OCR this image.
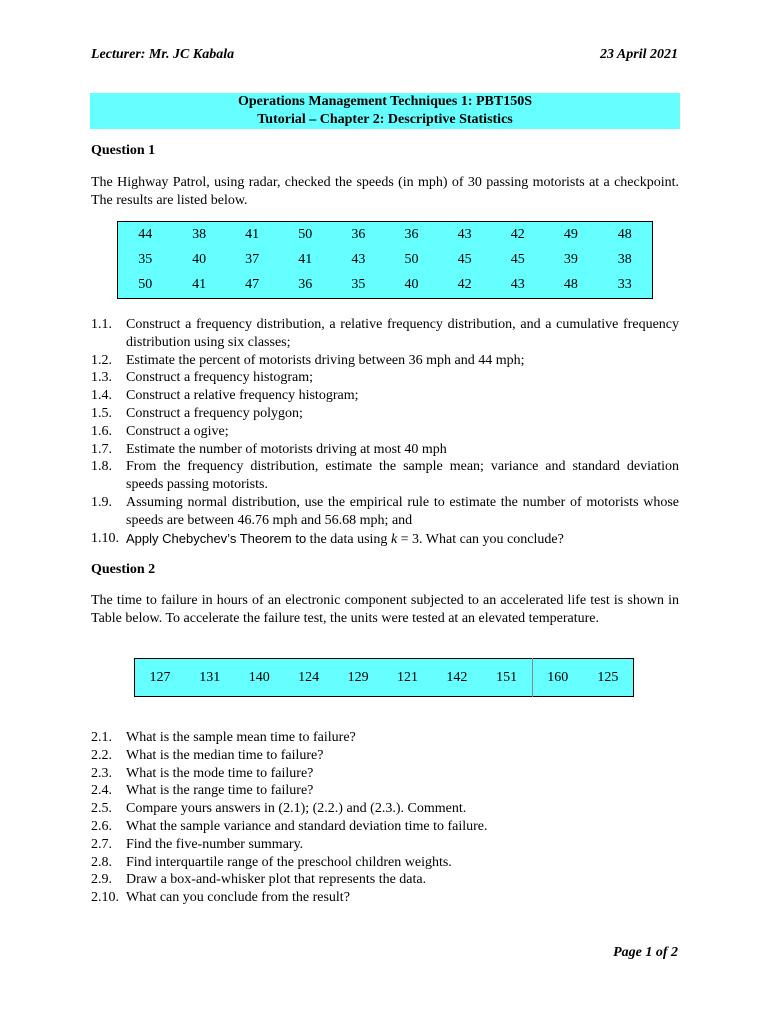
Lecturer: Mr. JC Kabala	23 April 2021
Operations Management Techniques 1: PBT150S
Tutorial – Chapter 2: Descriptive Statistics
Question 1
The Highway Patrol, using radar, checked the speeds (in mph) of 30 passing motorists at a checkpoint. The results are listed below.
44	38	41	50	36	36	43	42	49	48
35	40	37	41	43	50	45	45	39	38
50	41	47	36	35	40	42	43	48	33
1.1. Construct a frequency distribution, a relative frequency distribution, and a cumulative frequency distribution using six classes;
1.2. Estimate the percent of motorists driving between 36 mph and 44 mph;
1.3. Construct a frequency histogram;
1.4. Construct a relative frequency histogram;
1.5. Construct a frequency polygon;
1.6. Construct a ogive;
1.7. Estimate the number of motorists driving at most 40 mph
1.8. From the frequency distribution, estimate the sample mean; variance and standard deviation speeds passing motorists.
1.9. Assuming normal distribution, use the empirical rule to estimate the number of motorists whose speeds are between 46.76 mph and 56.68 mph; and
1.10. Apply Chebychev’s Theorem to the data using k = 3. What can you conclude?
Question 2
The time to failure in hours of an electronic component subjected to an accelerated life test is shown in Table below. To accelerate the failure test, the units were tested at an elevated temperature.
127	131	140	124	129	121	142	151	160	125
2.1. What is the sample mean time to failure?
2.2. What is the median time to failure?
2.3. What is the mode time to failure?
2.4. What is the range time to failure?
2.5. Compare yours answers in (2.1); (2.2.) and (2.3.). Comment.
2.6. What the sample variance and standard deviation time to failure.
2.7. Find the five-number summary.
2.8. Find interquartile range of the preschool children weights.
2.9. Draw a box-and-whisker plot that represents the data.
2.10. What can you conclude from the result?
Page 1 of 2
